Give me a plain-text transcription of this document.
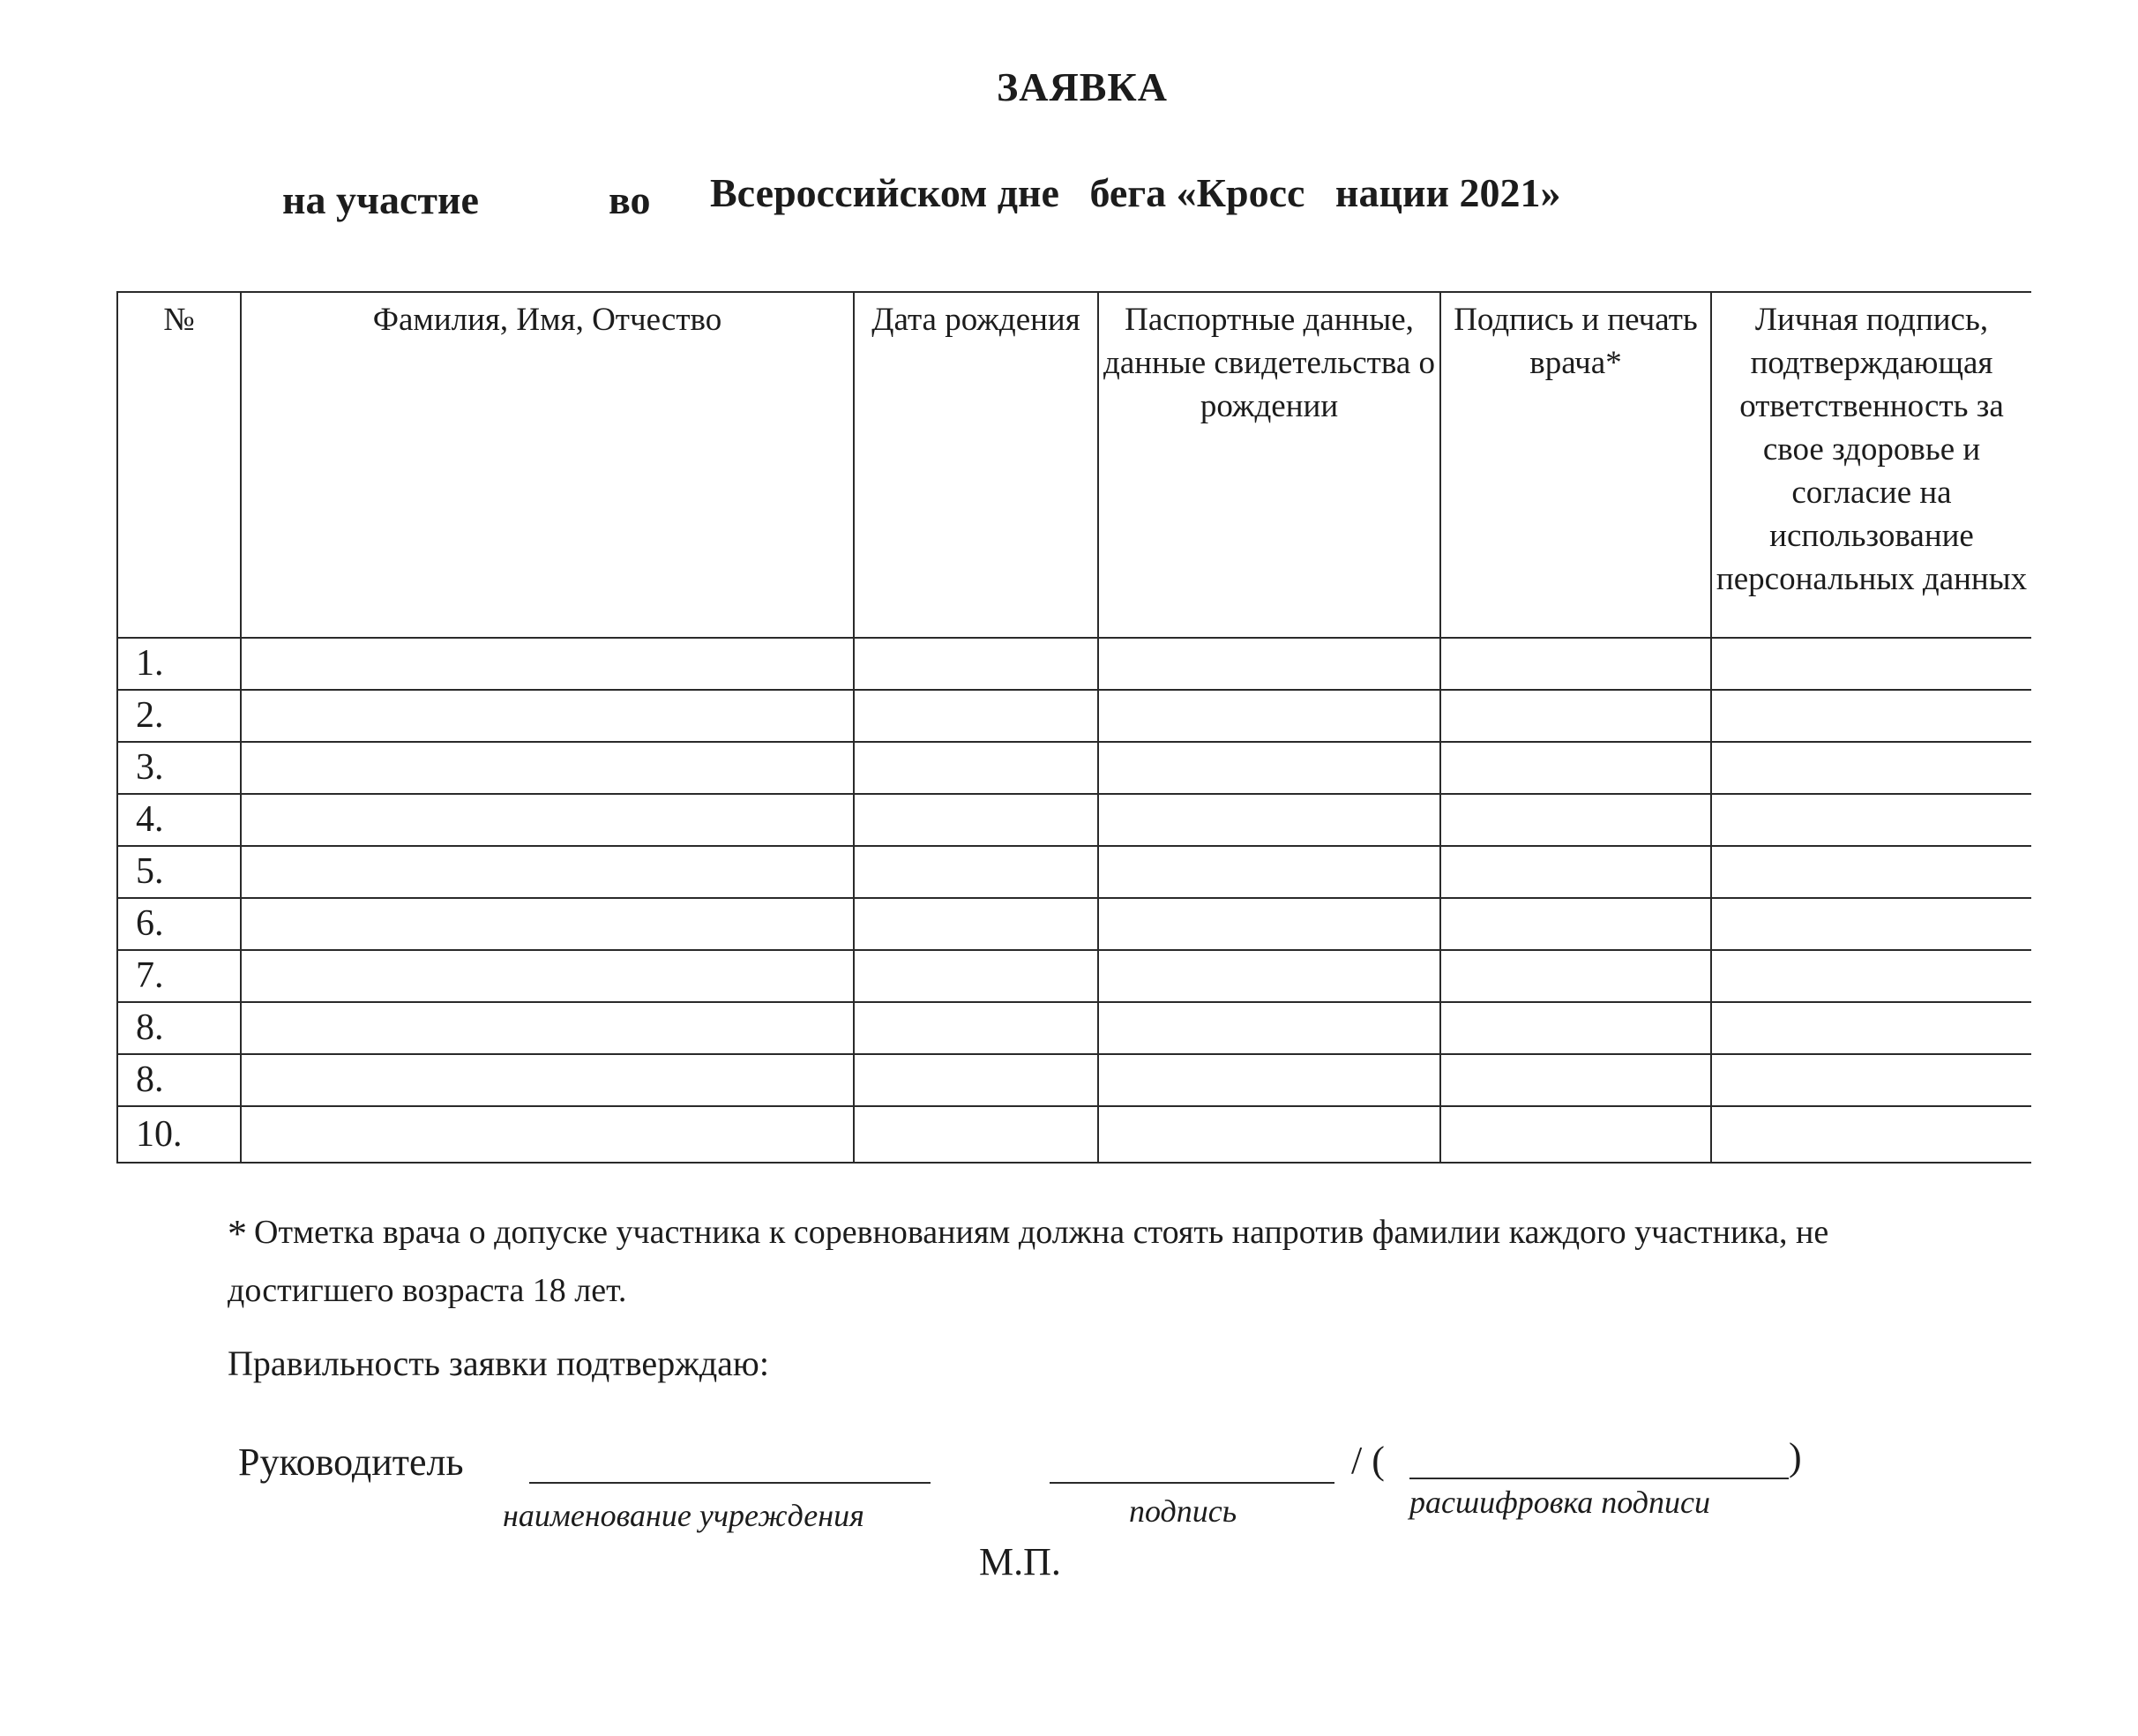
ЗАЯВКА
на участие	во Всероссийском дне   бега «Кросс   нации 2021»
№	Фамилия, Имя, Отчество	Дата рождения	Паспортные данные, данные свидетельства о рождении	Подпись и печать врача*	Личная подпись, подтверждающая ответственность за свое здоровье и согласие на использование персональных данных
1.					
2.					
3.					
4.					
5.					
6.					
7.					
8.					
8.					
10.					
* Отметка врача о допуске участника к соревнованиям должна стоять напротив фамилии каждого участника, не достигшего возраста 18 лет.
Правильность заявки подтверждаю:
Руководитель	/ (	)
наименование учреждения	подпись	расшифровка подписи
М.П.
